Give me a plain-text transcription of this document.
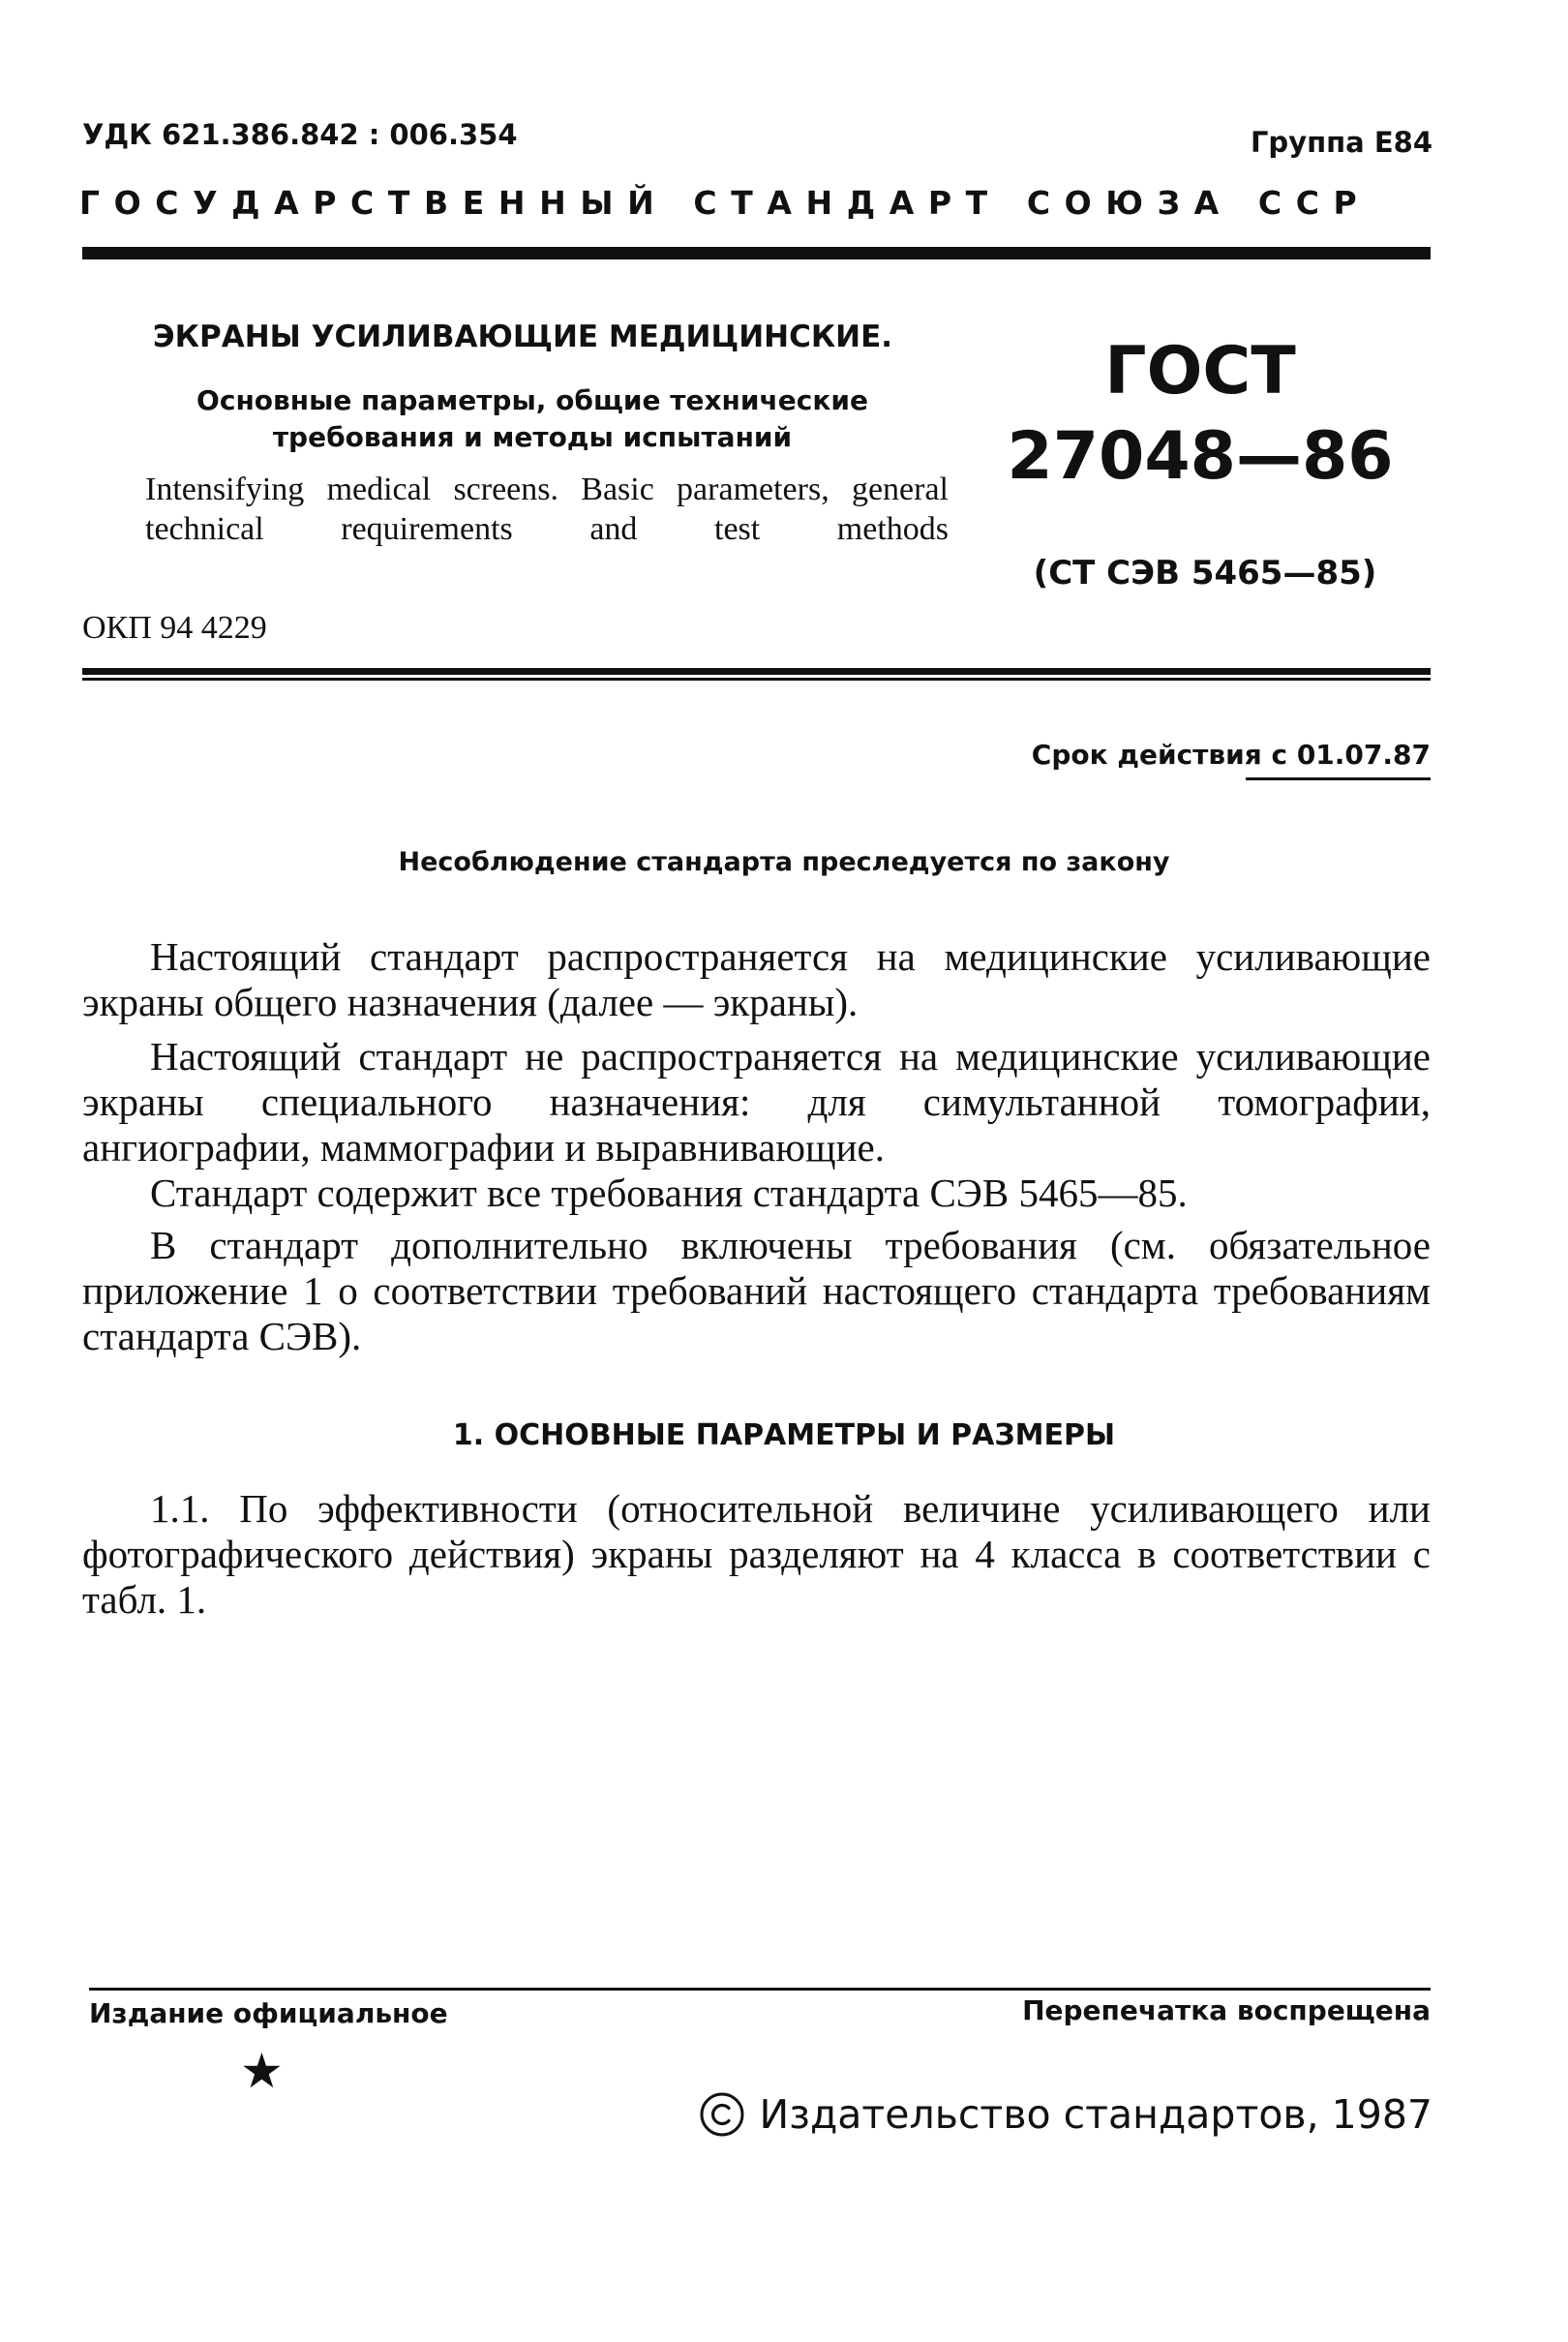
УДК 621.386.842 : 006.354	Группа Е84
ГОСУДАРСТВЕННЫЙ СТАНДАРТ СОЮЗА ССР
ЭКРАНЫ УСИЛИВАЮЩИЕ МЕДИЦИНСКИЕ.
Основные параметры, общие технические
требования и методы испытаний
Intensifying medical screens. Basic parameters, general technical requirements and test methods
ГОСТ
27048—86
(СТ СЭВ 5465—85)
ОКП 94 4229
Срок действия с 01.07.87
Несоблюдение стандарта преследуется по закону

Настоящий стандарт распространяется на медицинские усиливающие экраны общего назначения (далее — экраны).

Настоящий стандарт не распространяется на медицинские усиливающие экраны специального назначения: для симультанной томографии, ангиографии, маммографии и выравнивающие.

Стандарт содержит все требования стандарта СЭВ 5465—85.

В стандарт дополнительно включены требования (см. обязательное приложение 1 о соответствии требований настоящего стандарта требованиям стандарта СЭВ).

1. ОСНОВНЫЕ ПАРАМЕТРЫ И РАЗМЕРЫ

1.1. По эффективности (относительной величине усиливающего или фотографического действия) экраны разделяют на 4 класса в соответствии с табл. 1.

Издание официальное	Перепечатка воспрещена
★
Издательство стандартов, 1987
